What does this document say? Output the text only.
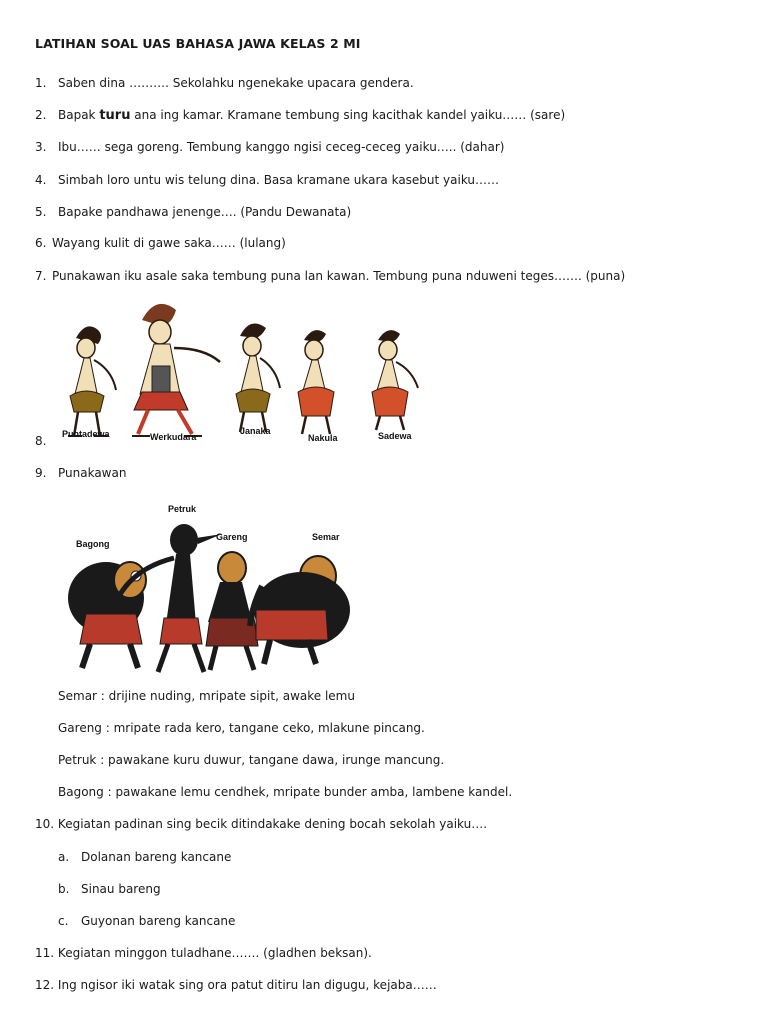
LATIHAN SOAL UAS BAHASA JAWA KELAS 2 MI
1. Saben dina ………. Sekolahku ngenekake upacara gendera.
2. Bapak turu ana ing kamar. Kramane tembung sing kacithak kandel yaiku…… (sare)
3. Ibu…… sega goreng. Tembung kanggo ngisi ceceg-ceceg yaiku….. (dahar)
4. Simbah loro untu wis telung dina. Basa kramane ukara kasebut yaiku……
5. Bapake pandhawa jenenge…. (Pandu Dewanata)
6. Wayang kulit di gawe saka…… (lulang)
7. Punakawan iku asale saka tembung puna lan kawan. Tembung puna nduweni teges……. (puna)
Puntadewa	Werkudara
Janaka
Nakula	Sadewa
8.
9. Punakawan
Bagong
Petruk
Gareng	Semar
Semar : drijine nuding, mripate sipit, awake lemu
Gareng : mripate rada kero, tangane ceko, mlakune pincang.
Petruk : pawakane kuru duwur, tangane dawa, irunge mancung.
Bagong : pawakane lemu cendhek, mripate bunder amba, lambene kandel.
10. Kegiatan padinan sing becik ditindakake dening bocah sekolah yaiku….
a. Dolanan bareng kancane
b. Sinau bareng
c. Guyonan bareng kancane
11. Kegiatan minggon tuladhane……. (gladhen beksan).
12. Ing ngisor iki watak sing ora patut ditiru lan digugu, kejaba……
